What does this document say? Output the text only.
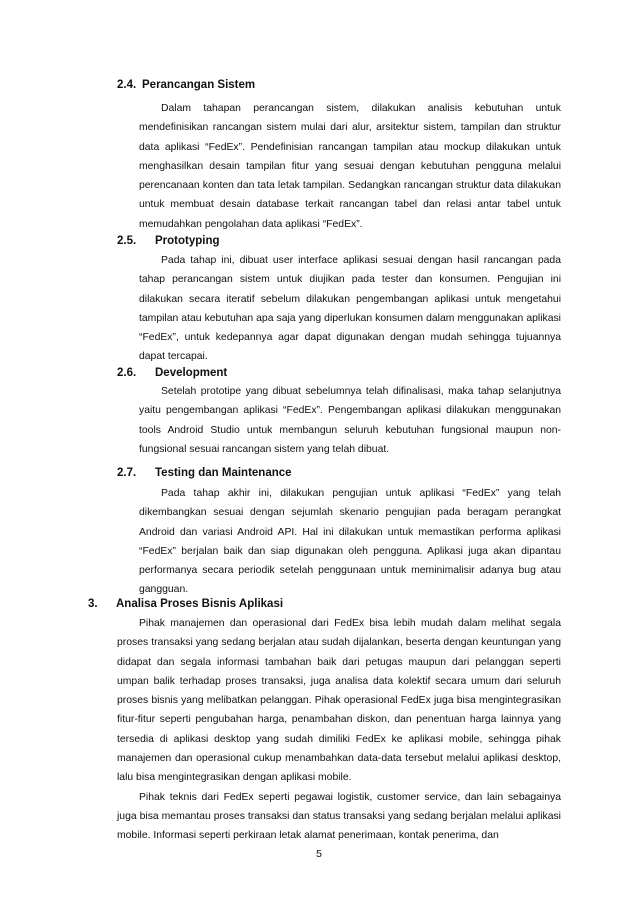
2.4. Perancangan Sistem

Dalam tahapan perancangan sistem, dilakukan analisis kebutuhan untuk mendefinisikan rancangan sistem mulai dari alur, arsitektur sistem, tampilan dan struktur data aplikasi “FedEx”. Pendefinisian rancangan tampilan atau mockup dilakukan untuk menghasilkan desain tampilan fitur yang sesuai dengan kebutuhan pengguna melalui perencanaan konten dan tata letak tampilan. Sedangkan rancangan struktur data dilakukan untuk membuat desain database terkait rancangan tabel dan relasi antar tabel untuk memudahkan pengolahan data aplikasi “FedEx”.

2.5. Prototyping

Pada tahap ini, dibuat user interface aplikasi sesuai dengan hasil rancangan pada tahap perancangan sistem untuk diujikan pada tester dan konsumen. Pengujian ini dilakukan secara iteratif sebelum dilakukan pengembangan aplikasi untuk mengetahui tampilan atau kebutuhan apa saja yang diperlukan konsumen dalam menggunakan aplikasi “FedEx”, untuk kedepannya agar dapat digunakan dengan mudah sehingga tujuannya dapat tercapai.

2.6. Development

Setelah prototipe yang dibuat sebelumnya telah difinalisasi, maka tahap selanjutnya yaitu pengembangan aplikasi “FedEx”. Pengembangan aplikasi dilakukan menggunakan tools Android Studio untuk membangun seluruh kebutuhan fungsional maupun non-fungsional sesuai rancangan sistem yang telah dibuat.

2.7. Testing dan Maintenance

Pada tahap akhir ini, dilakukan pengujian untuk aplikasi “FedEx” yang telah dikembangkan sesuai dengan sejumlah skenario pengujian pada beragam perangkat Android dan variasi Android API. Hal ini dilakukan untuk memastikan performa aplikasi “FedEx” berjalan baik dan siap digunakan oleh pengguna. Aplikasi juga akan dipantau performanya secara periodik setelah penggunaan untuk meminimalisir adanya bug atau gangguan.

3. Analisa Proses Bisnis Aplikasi

Pihak manajemen dan operasional dari FedEx bisa lebih mudah dalam melihat segala proses transaksi yang sedang berjalan atau sudah dijalankan, beserta dengan keuntungan yang didapat dan segala informasi tambahan baik dari petugas maupun dari pelanggan seperti umpan balik terhadap proses transaksi, juga analisa data kolektif secara umum dari seluruh proses bisnis yang melibatkan pelanggan. Pihak operasional FedEx juga bisa mengintegrasikan fitur-fitur seperti pengubahan harga, penambahan diskon, dan penentuan harga lainnya yang tersedia di aplikasi desktop yang sudah dimiliki FedEx ke aplikasi mobile, sehingga pihak manajemen dan operasional cukup menambahkan data-data tersebut melalui aplikasi desktop, lalu bisa mengintegrasikan dengan aplikasi mobile.

Pihak teknis dari FedEx seperti pegawai logistik, customer service, dan lain sebagainya juga bisa memantau proses transaksi dan status transaksi yang sedang berjalan melalui aplikasi mobile. Informasi seperti perkiraan letak alamat penerimaan, kontak penerima, dan

5
